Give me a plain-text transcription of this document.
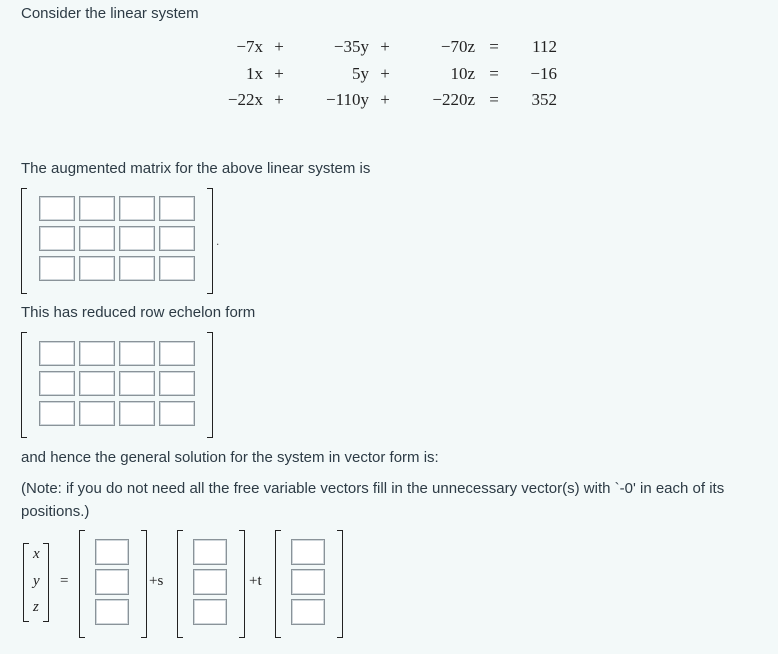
Consider the linear system
−7x	+	−35y	+	−70z	=	112
1x	+	5y	+	10z	=	−16
−22x	+	−110y	+	−220z	=	352
The augmented matrix for the above linear system is
.
This has reduced row echelon form
and hence the general solution for the system in vector form is:
(Note: if you do not need all the free variable vectors fill in the unnecessary vector(s) with `-0' in each of its positions.)
x
y
z
=	+s	+t
